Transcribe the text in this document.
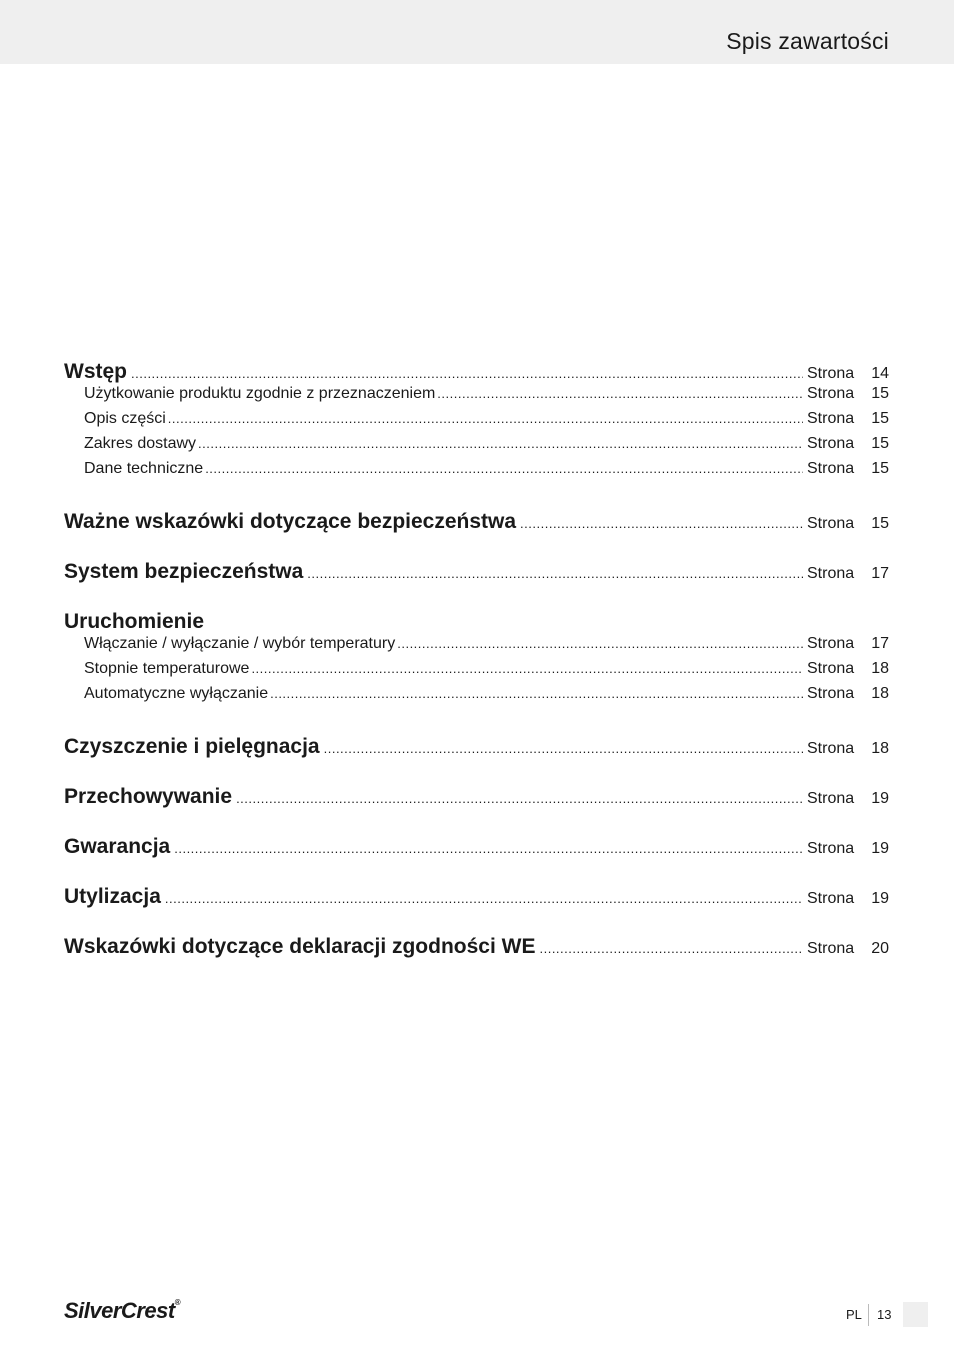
Spis zawartości
Wstęp .....	Strona	14
Użytkowanie produktu zgodnie z przeznaczeniem .....	Strona	15
Opis części .....	Strona	15
Zakres dostawy .....	Strona	15
Dane techniczne .....	Strona	15
Ważne wskazówki dotyczące bezpieczeństwa .....	Strona	15
System bezpieczeństwa .....	Strona	17
Uruchomienie
Włączanie / wyłączanie / wybór temperatury .....	Strona	17
Stopnie temperaturowe .....	Strona	18
Automatyczne wyłączanie .....	Strona	18
Czyszczenie i pielęgnacja .....	Strona	18
Przechowywanie .....	Strona	19
Gwarancja .....	Strona	19
Utylizacja .....	Strona	19
Wskazówki dotyczące deklaracji zgodności WE .....	Strona	20
SilverCrest®
PL 13
